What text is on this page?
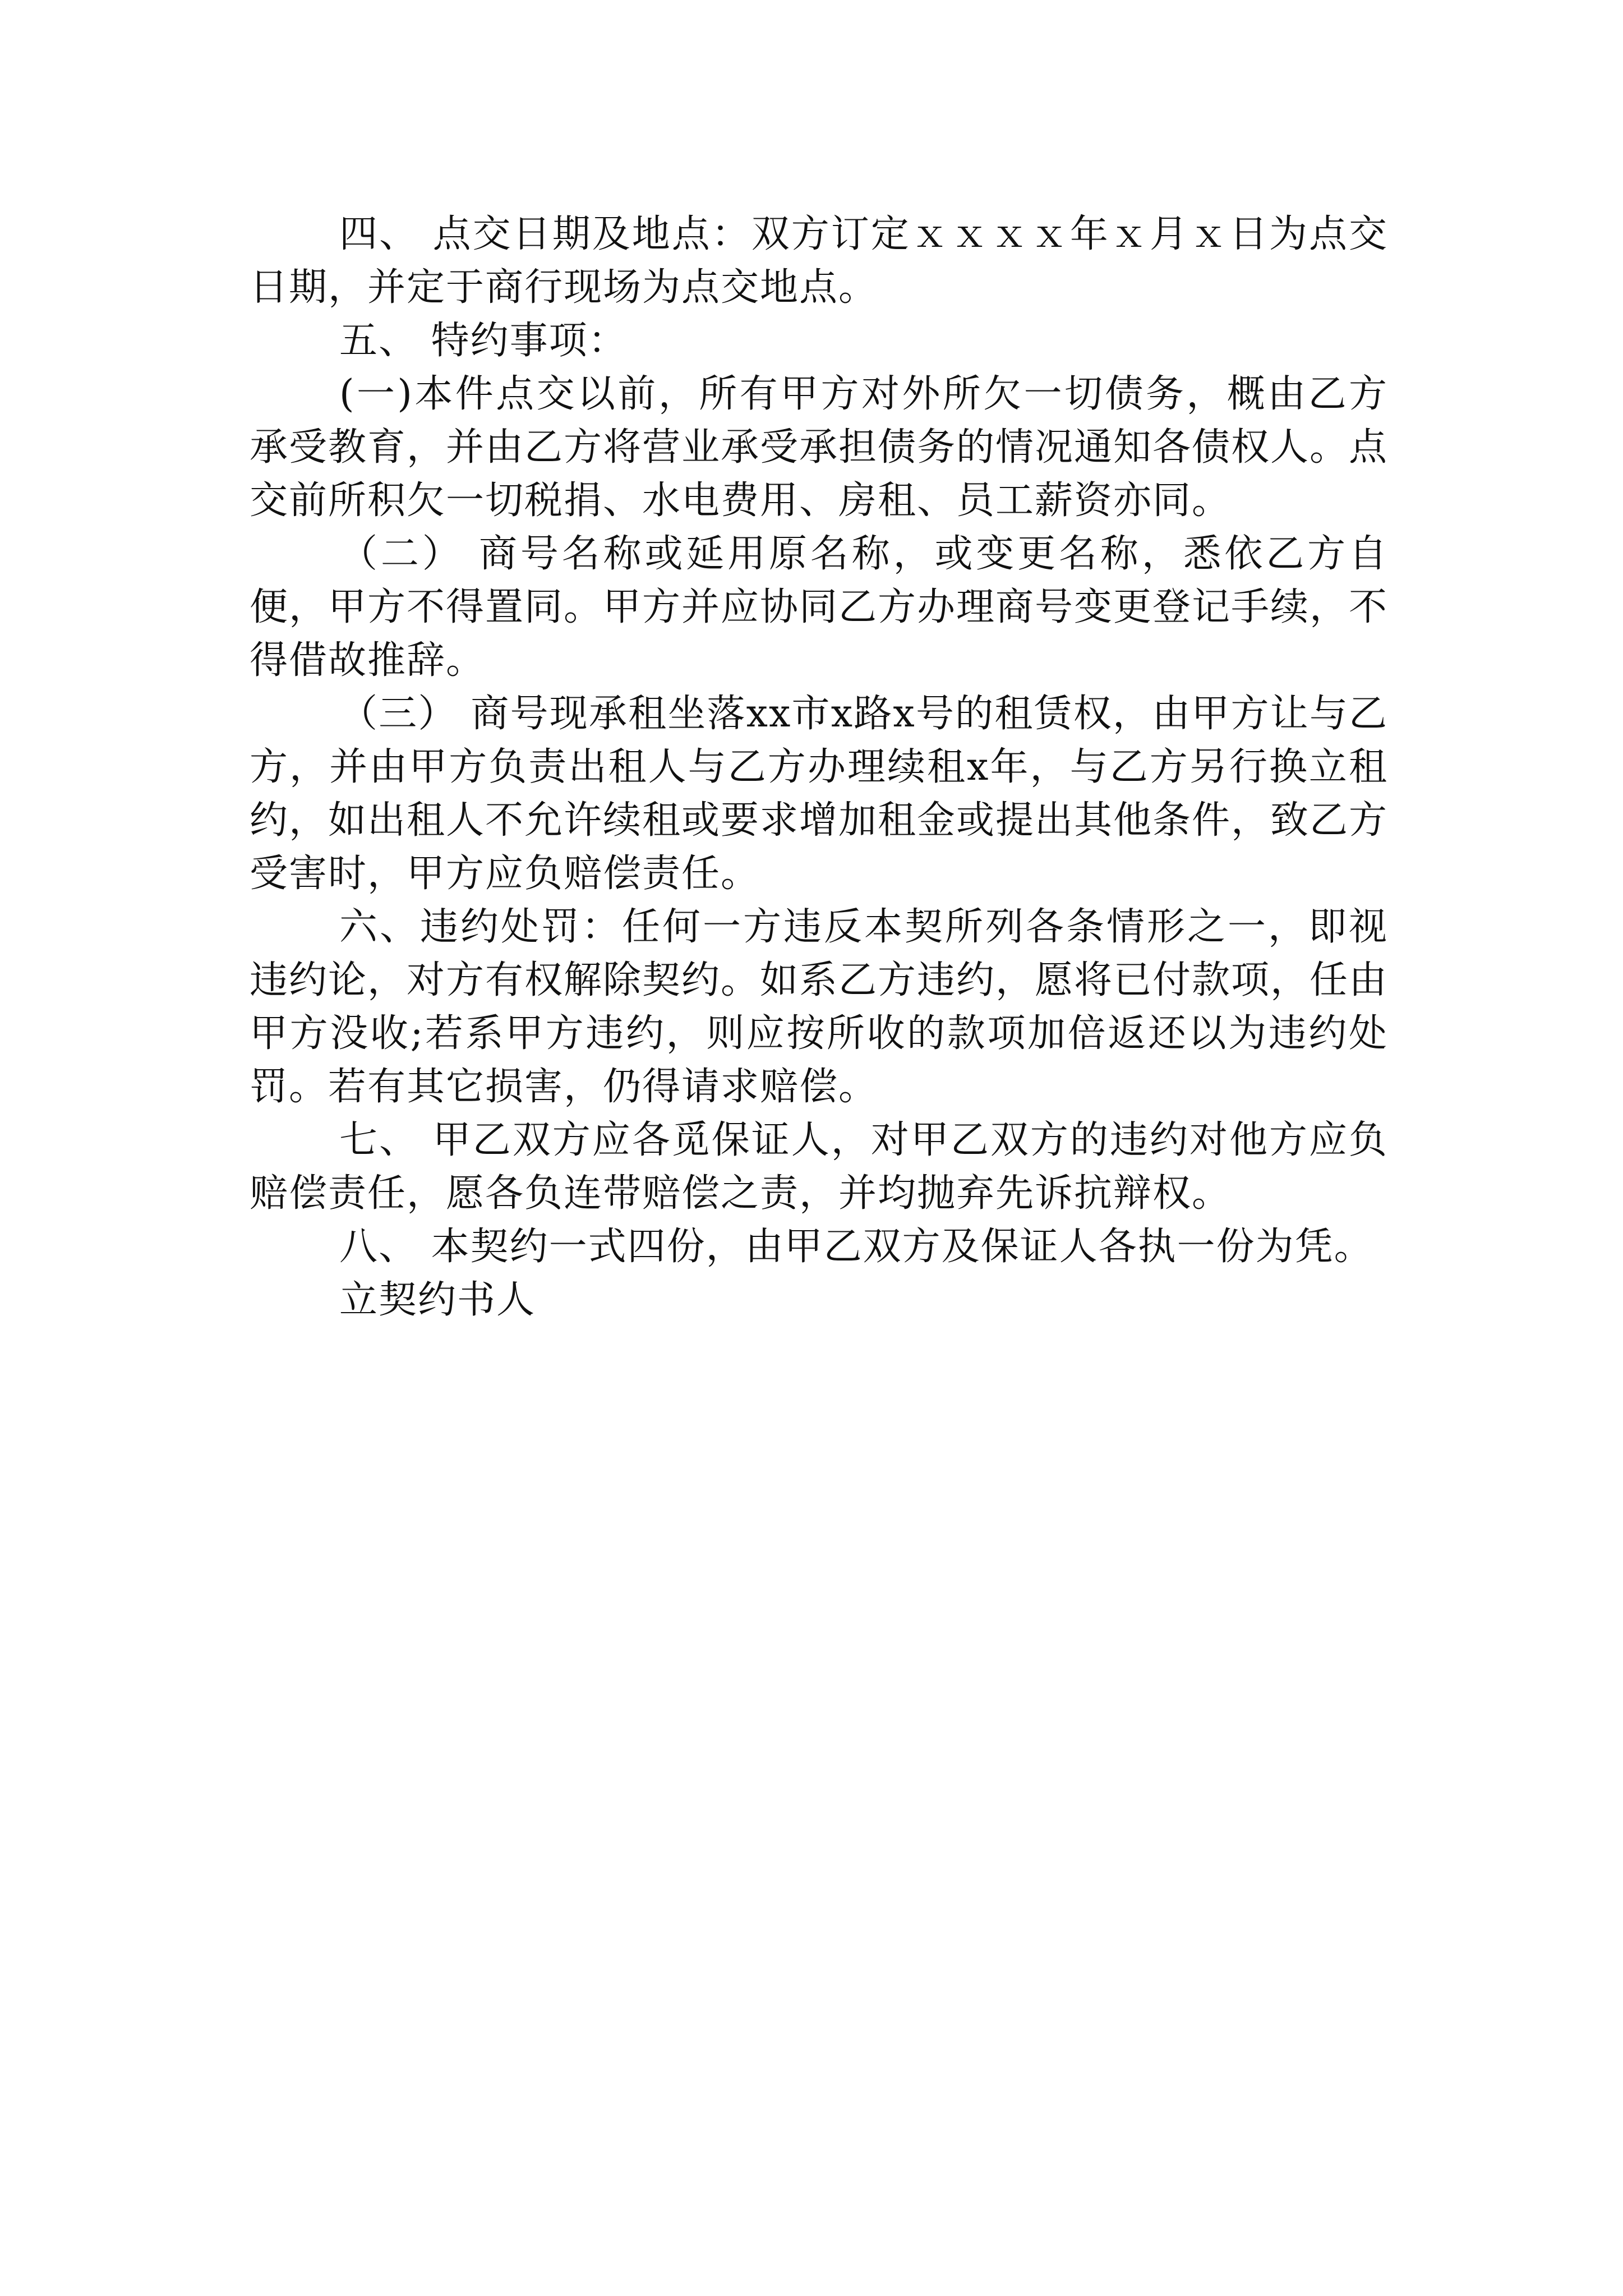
四、 点交日期及地点：双方订定ｘｘｘｘ年ｘ月ｘ日为点交日期，并定于商行现场为点交地点。

五、 特约事项：

(一)本件点交以前，所有甲方对外所欠一切债务，概由乙方承受教育，并由乙方将营业承受承担债务的情况通知各债权人。点交前所积欠一切税捐、水电费用、房租、员工薪资亦同。

（二） 商号名称或延用原名称，或变更名称，悉依乙方自便，甲方不得置同。甲方并应协同乙方办理商号变更登记手续，不得借故推辞。

（三） 商号现承租坐落xx市x路x号的租赁权，由甲方让与乙方，并由甲方负责出租人与乙方办理续租x年，与乙方另行换立租约，如出租人不允许续租或要求增加租金或提出其他条件，致乙方受害时，甲方应负赔偿责任。

六、违约处罚：任何一方违反本契所列各条情形之一，即视违约论，对方有权解除契约。如系乙方违约，愿将已付款项，任由甲方没收;若系甲方违约，则应按所收的款项加倍返还以为违约处罚。若有其它损害，仍得请求赔偿。

七、 甲乙双方应各觅保证人，对甲乙双方的违约对他方应负赔偿责任，愿各负连带赔偿之责，并均抛弃先诉抗辩权。

八、 本契约一式四份，由甲乙双方及保证人各执一份为凭。

立契约书人
